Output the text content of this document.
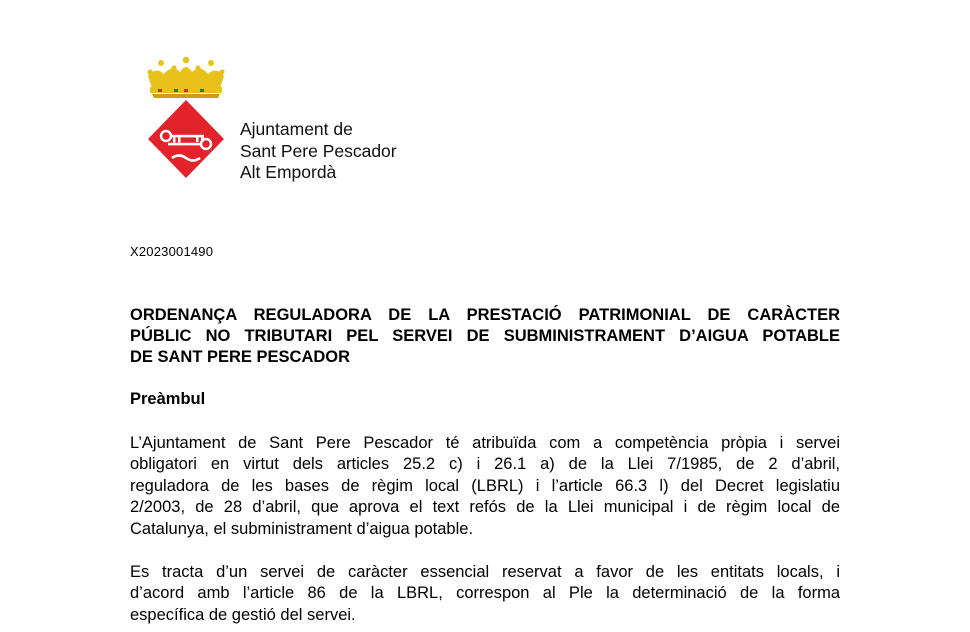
Ajuntament de
Sant Pere Pescador
Alt Empordà
X2023001490
ORDENANÇA REGULADORA DE LA PRESTACIÓ PATRIMONIAL DE CARÀCTER
PÚBLIC NO TRIBUTARI PEL SERVEI DE SUBMINISTRAMENT D’AIGUA POTABLE
DE SANT PERE PESCADOR
Preàmbul

L’Ajuntament de Sant Pere Pescador té atribuïda com a competència pròpia i servei
obligatori en virtut dels articles 25.2 c) i 26.1 a) de la Llei 7/1985, de 2 d’abril,
reguladora de les bases de règim local (LBRL) i l’article 66.3 l) del Decret legislatiu
2/2003, de 28 d’abril, que aprova el text refós de la Llei municipal i de règim local de
Catalunya, el subministrament d’aigua potable.

Es tracta d’un servei de caràcter essencial reservat a favor de les entitats locals, i
d’acord amb l’article 86 de la LBRL, correspon al Ple la determinació de la forma
específica de gestió del servei.
